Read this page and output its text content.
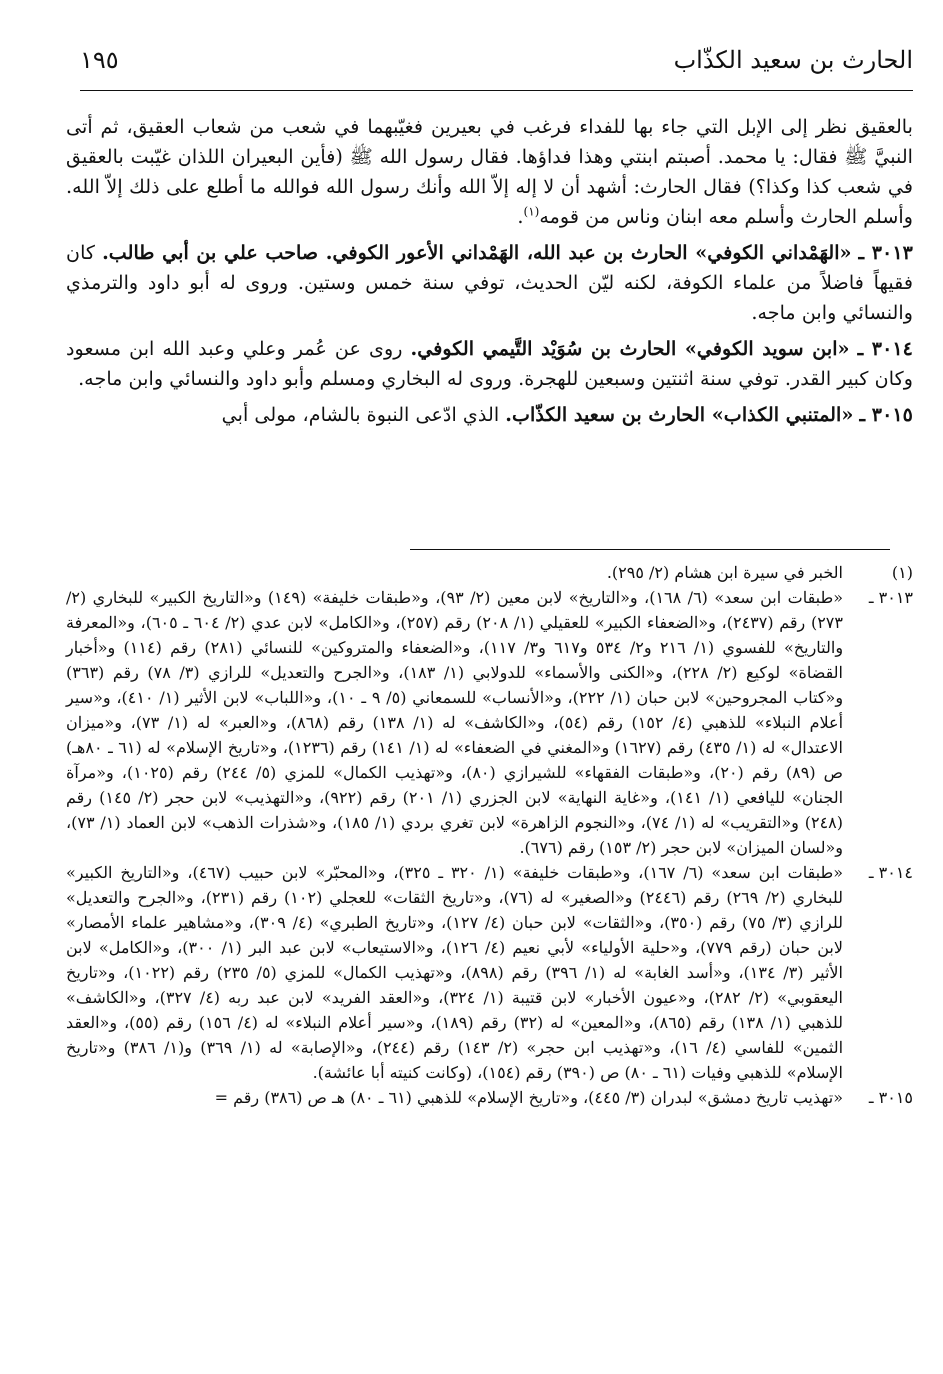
الحارث بن سعيد الكذّاب
١٩٥

بالعقيق نظر إلى الإبل التي جاء بها للفداء فرغب في بعيرين فغيّبهما في شعب من شعاب العقيق، ثم أتى النبيَّ ﷺ فقال: يا محمد. أصبتم ابنتي وهذا فداؤها. فقال رسول الله ﷺ (فأين البعيران اللذان غيّبت بالعقيق في شعب كذا وكذا؟) فقال الحارث: أشهد أن لا إله إلاّ الله وأنك رسول الله فوالله ما أطلع على ذلك إلاّ الله. وأسلم الحارث وأسلم معه ابنان وناس من قومه$^{(١)}$.

٣٠١٣ ـ «الهَمْداني الكوفي» الحارث بن عبد الله، الهَمْداني الأعور الكوفي. صاحب علي بن أبي طالب. كان فقيهاً فاضلاً من علماء الكوفة، لكنه ليّن الحديث، توفي سنة خمس وستين. وروى له أبو داود والترمذي والنسائي وابن ماجه.

٣٠١٤ ـ «ابن سويد الكوفي» الحارث بن سُوَيْد التَّيمي الكوفي. روى عن عُمر وعلي وعبد الله ابن مسعود وكان كبير القدر. توفي سنة اثنتين وسبعين للهجرة. وروى له البخاري ومسلم وأبو داود والنسائي وابن ماجه.

٣٠١٥ ـ «المتنبي الكذاب» الحارث بن سعيد الكذّاب. الذي ادّعى النبوة بالشام، مولى أبي

(١)
الخبر في سيرة ابن هشام (٢/ ٢٩٥).

٣٠١٣ ـ
«طبقات ابن سعد» (٦/ ١٦٨)، و«التاريخ» لابن معين (٢/ ٩٣)، و«طبقات خليفة» (١٤٩) و«التاريخ الكبير» للبخاري (٢/ ٢٧٣) رقم (٢٤٣٧)، و«الضعفاء الكبير» للعقيلي (١/ ٢٠٨) رقم (٢٥٧)، و«الكامل» لابن عدي (٢/ ٦٠٤ ـ ٦٠٥)، و«المعرفة والتاريخ» للفسوي (١/ ٢١٦ و٢/ ٥٣٤ و٦١٧ و٣/ ١١٧)، و«الضعفاء والمتروكين» للنسائي (٢٨١) رقم (١١٤) و«أخبار القضاة» لوكيع (٢/ ٢٢٨)، و«الكنى والأسماء» للدولابي (١/ ١٨٣)، و«الجرح والتعديل» للرازي (٣/ ٧٨) رقم (٣٦٣) و«كتاب المجروحين» لابن حبان (١/ ٢٢٢)، و«الأنساب» للسمعاني (٥/ ٩ ـ ١٠)، و«اللباب» لابن الأثير (١/ ٤١٠)، و«سير أعلام النبلاء» للذهبي (٤/ ١٥٢) رقم (٥٤)، و«الكاشف» له (١/ ١٣٨) رقم (٨٦٨)، و«العبر» له (١/ ٧٣)، و«ميزان الاعتدال» له (١/ ٤٣٥) رقم (١٦٢٧) و«المغني في الضعفاء» له (١/ ١٤١) رقم (١٢٣٦)، و«تاريخ الإسلام» له (٦١ ـ ٨٠هـ) ص (٨٩) رقم (٢٠)، و«طبقات الفقهاء» للشيرازي (٨٠)، و«تهذيب الكمال» للمزي (٥/ ٢٤٤) رقم (١٠٢٥)، و«مرآة الجنان» لليافعي (١/ ١٤١)، و«غاية النهاية» لابن الجزري (١/ ٢٠١) رقم (٩٢٢)، و«التهذيب» لابن حجر (٢/ ١٤٥) رقم (٢٤٨) و«التقريب» له (١/ ٧٤)، و«النجوم الزاهرة» لابن تغري بردي (١/ ١٨٥)، و«شذرات الذهب» لابن العماد (١/ ٧٣)، و«لسان الميزان» لابن حجر (٢/ ١٥٣) رقم (٦٧٦).

٣٠١٤ ـ
«طبقات ابن سعد» (٦/ ١٦٧)، و«طبقات خليفة» (١/ ٣٢٠ ـ ٣٢٥)، و«المحبّر» لابن حبيب (٤٦٧)، و«التاريخ الكبير» للبخاري (٢/ ٢٦٩) رقم (٢٤٤٦) و«الصغير» له (٧٦)، و«تاريخ الثقات» للعجلي (١٠٢) رقم (٢٣١)، و«الجرح والتعديل» للرازي (٣/ ٧٥) رقم (٣٥٠)، و«الثقات» لابن حبان (٤/ ١٢٧)، و«تاريخ الطبري» (٤/ ٣٠٩)، و«مشاهير علماء الأمصار» لابن حبان (رقم ٧٧٩)، و«حلية الأولياء» لأبي نعيم (٤/ ١٢٦)، و«الاستيعاب» لابن عبد البر (١/ ٣٠٠)، و«الكامل» لابن الأثير (٣/ ١٣٤)، و«أسد الغابة» له (١/ ٣٩٦) رقم (٨٩٨)، و«تهذيب الكمال» للمزي (٥/ ٢٣٥) رقم (١٠٢٢)، و«تاريخ اليعقوبي» (٢/ ٢٨٢)، و«عيون الأخبار» لابن قتيبة (١/ ٣٢٤)، و«العقد الفريد» لابن عبد ربه (٤/ ٣٢٧)، و«الكاشف» للذهبي (١/ ١٣٨) رقم (٨٦٥)، و«المعين» له (٣٢) رقم (١٨٩)، و«سير أعلام النبلاء» له (٤/ ١٥٦) رقم (٥٥)، و«العقد الثمين» للفاسي (٤/ ١٦)، و«تهذيب ابن حجر» (٢/ ١٤٣) رقم (٢٤٤)، و«الإصابة» له (١/ ٣٦٩) و(١/ ٣٨٦) و«تاريخ الإسلام» للذهبي وفيات (٦١ ـ ٨٠) ص (٣٩٠) رقم (١٥٤)، (وكانت كنيته أبا عائشة).

٣٠١٥ ـ
«تهذيب تاريخ دمشق» لبدران (٣/ ٤٤٥)، و«تاريخ الإسلام» للذهبي (٦١ ـ ٨٠) هـ ص (٣٨٦) رقم =
